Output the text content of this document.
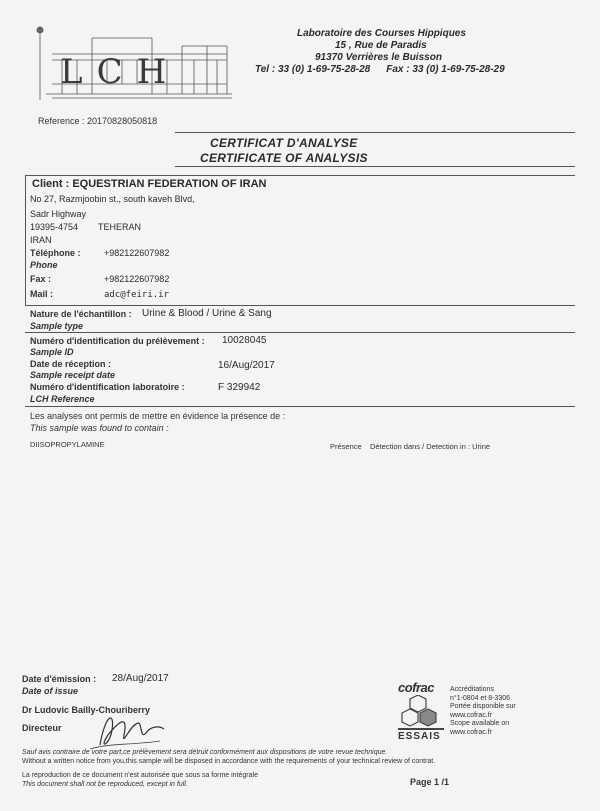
LCH
Laboratoire des Courses Hippiques
15 , Rue de Paradis
91370 Verrières le Buisson
Tel : 33 (0) 1-69-75-28-28 Fax : 33 (0) 1-69-75-28-29
Reference : 20170828050818
CERTIFICAT D'ANALYSE
CERTIFICATE OF ANALYSIS
Client : EQUESTRIAN FEDERATION OF IRAN
No 27, Razmjoobin st., south kaveh Blvd,
Sadr Highway
19395-4754 TEHERAN
IRAN
Téléphone :	+982122607982
Phone
Fax :	+982122607982
Mail :	adc@feiri.ir
Nature de l'échantillon : Urine & Blood / Urine & Sang
Sample type
Numéro d'identification du prélèvement : 10028045
Sample ID
Date de réception :	16/Aug/2017
Sample receipt date
Numéro d'identification laboratoire :	F 329942
LCH Reference
Les analyses ont permis de mettre en évidence la présence de :
This sample was found to contain :
DIISOPROPYLAMINE	Présence Détection dans / Detection in : Urine
Date d'émission : 28/Aug/2017
Date of issue
Dr Ludovic Bailly-Chouriberry
Directeur
cofrac
ESSAIS
Accréditations
n°1-0804 et 8-3306
Portée disponible sur
www.cofrac.fr
Scope available on
www.cofrac.fr
Sauf avis contraire de votre part,ce prélèvement sera détruit conformément aux dispositions de votre revue technique.
Without a written notice from you,this sample will be disposed in accordance with the requirements of your technical review of contrat.
La reproduction de ce document n'est autorisée que sous sa forme intégrale
This document shall not be reproduced, except in full.	Page 1 /1
